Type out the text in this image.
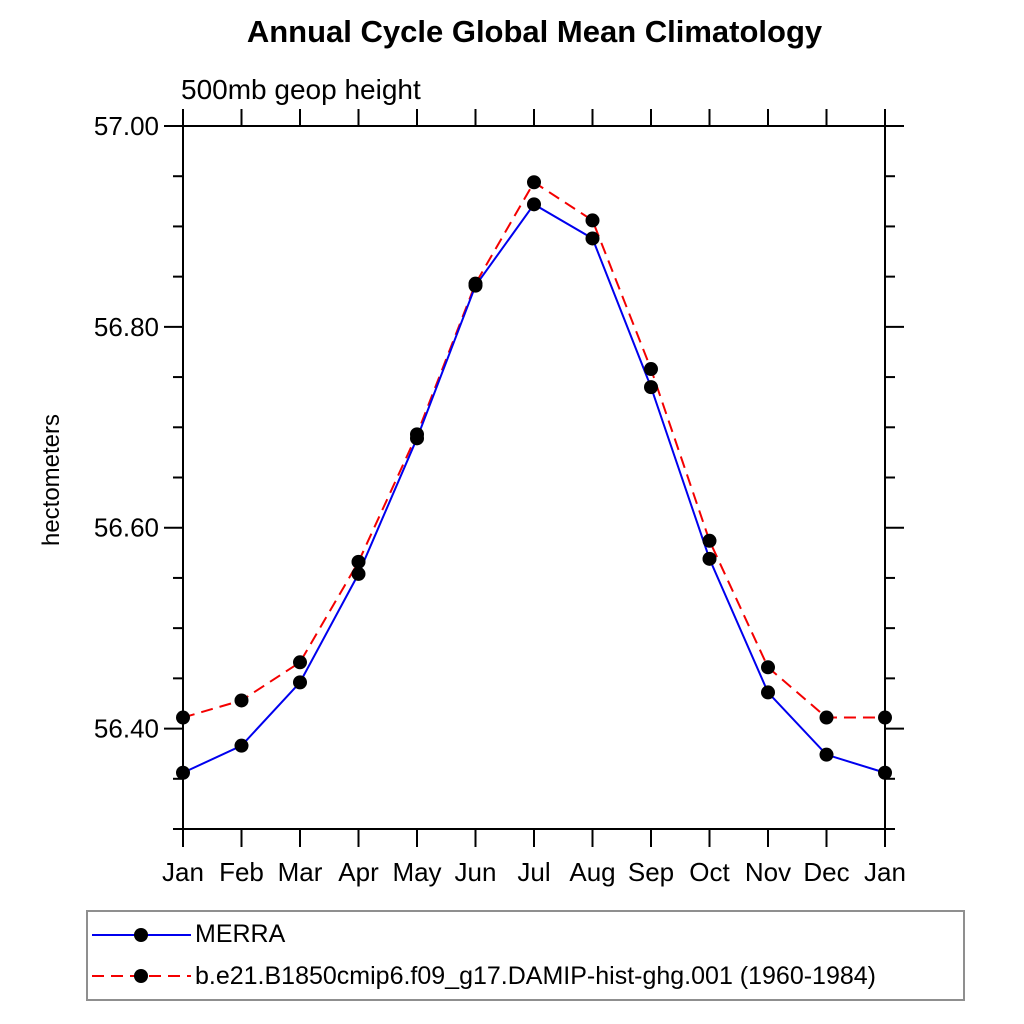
Annual Cycle Global Mean Climatology
500mb geop height
hectometers
Jan Feb Mar Apr May Jun Jul Aug Sep Oct Nov Dec Jan
57.00
56.80
56.60
56.40
MERRA
b.e21.B1850cmip6.f09_g17.DAMIP-hist-ghg.001 (1960-1984)
